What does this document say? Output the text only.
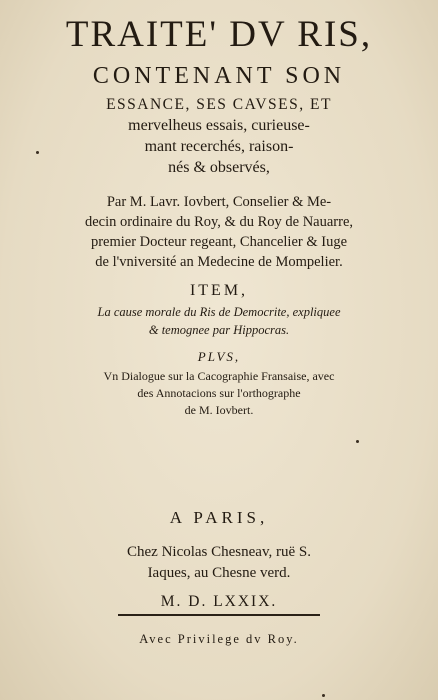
TRAITE' DV RIS,

CONTENANT SON

ESSANCE, SES CAVSES, ET

mervelheus essais, curieuse-

mant recerchés, raison-

nés & observés,

Par M. Lavr. Iovbert, Conselier & Me-

decin ordinaire du Roy, & du Roy de Nauarre,

premier Docteur regeant, Chancelier & Iuge

de l'vniversité an Medecine de Mompelier.

ITEM,

La cause morale du Ris de Democrite, expliquee

& temognee par Hippocras.

PLVS,

Vn Dialogue sur la Cacographie Fransaise, avec

des Annotacions sur l'orthographe

de M. Iovbert.

A PARIS,

Chez Nicolas Chesneav, ruë S.

Iaques, au Chesne verd.

M. D. LXXIX.

Avec Privilege dv Roy.
